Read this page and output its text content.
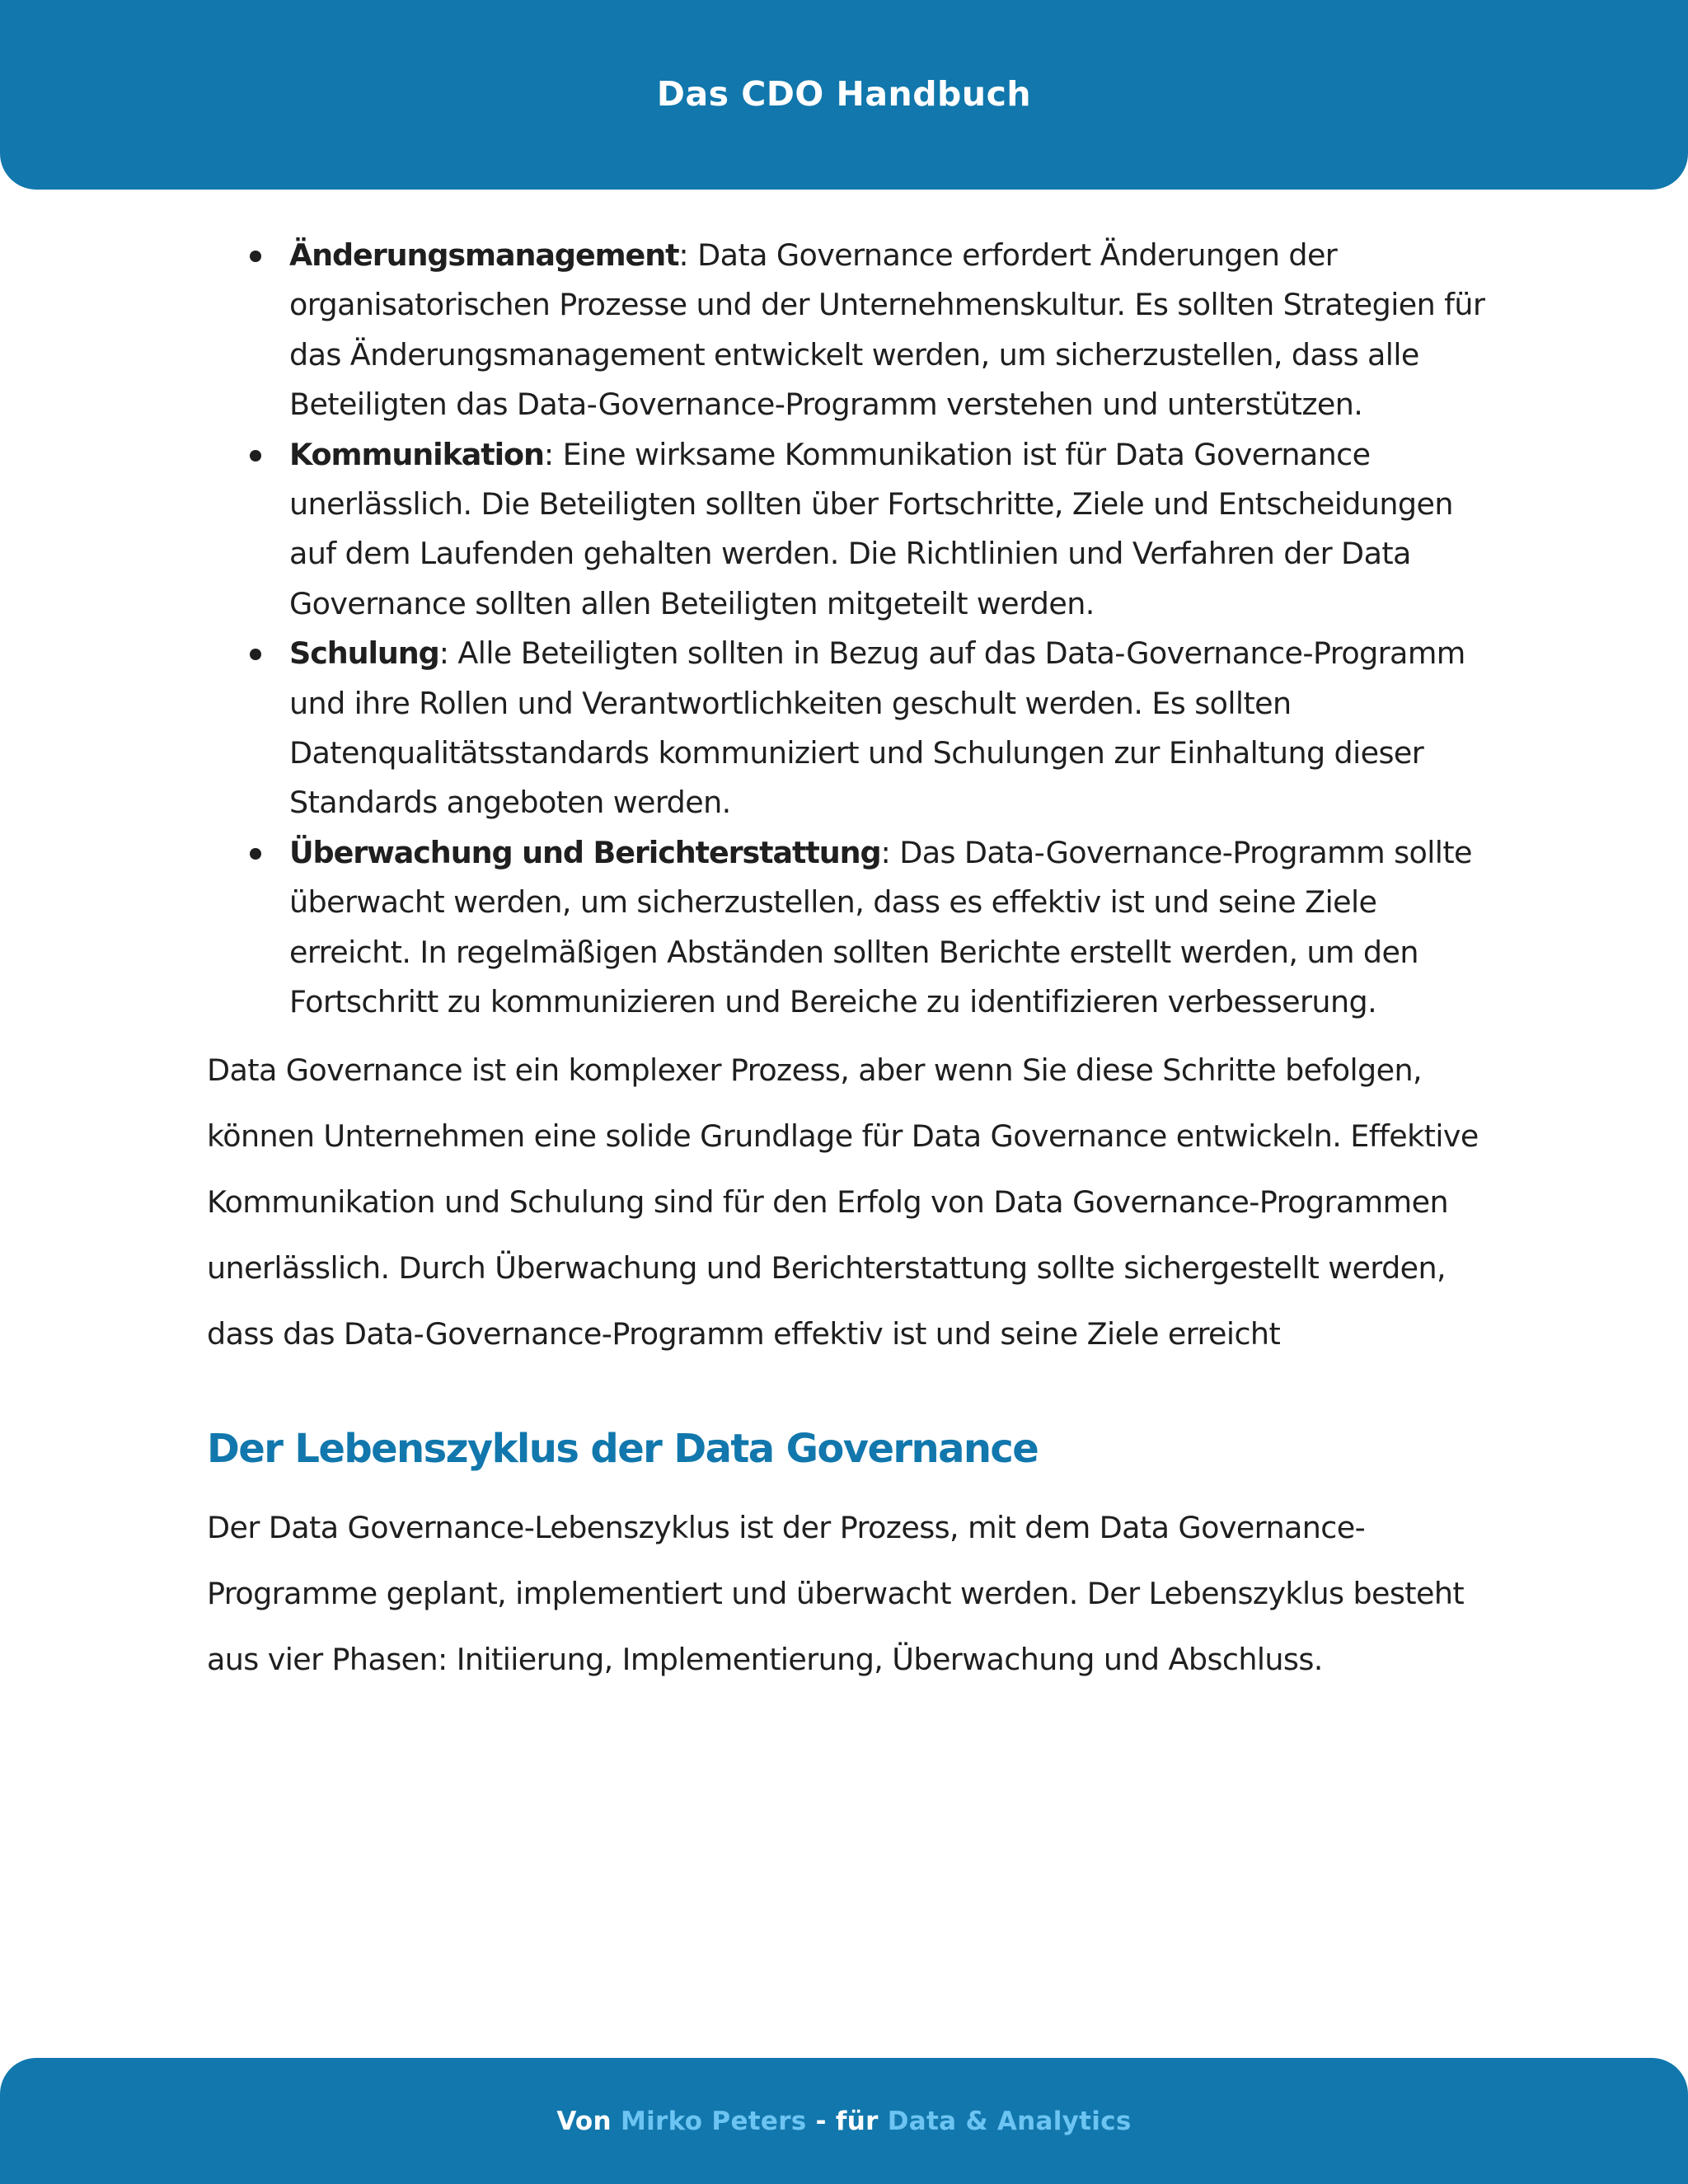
Das CDO Handbuch
Änderungsmanagement: Data Governance erfordert Änderungen der organisatorischen Prozesse und der Unternehmenskultur. Es sollten Strategien für das Änderungsmanagement entwickelt werden, um sicherzustellen, dass alle Beteiligten das Data-Governance-Programm verstehen und unterstützen.
Kommunikation: Eine wirksame Kommunikation ist für Data Governance unerlässlich. Die Beteiligten sollten über Fortschritte, Ziele und Entscheidungen auf dem Laufenden gehalten werden. Die Richtlinien und Verfahren der Data Governance sollten allen Beteiligten mitgeteilt werden.
Schulung: Alle Beteiligten sollten in Bezug auf das Data-Governance-Programm und ihre Rollen und Verantwortlichkeiten geschult werden. Es sollten Datenqualitätsstandards kommuniziert und Schulungen zur Einhaltung dieser Standards angeboten werden.
Überwachung und Berichterstattung: Das Data-Governance-Programm sollte überwacht werden, um sicherzustellen, dass es effektiv ist und seine Ziele erreicht. In regelmäßigen Abständen sollten Berichte erstellt werden, um den Fortschritt zu kommunizieren und Bereiche zu identifizieren verbesserung.

Data Governance ist ein komplexer Prozess, aber wenn Sie diese Schritte befolgen, können Unternehmen eine solide Grundlage für Data Governance entwickeln. Effektive Kommunikation und Schulung sind für den Erfolg von Data Governance-Programmen unerlässlich. Durch Überwachung und Berichterstattung sollte sichergestellt werden, dass das Data-Governance-Programm effektiv ist und seine Ziele erreicht

Der Lebenszyklus der Data Governance

Der Data Governance-Lebenszyklus ist der Prozess, mit dem Data Governance-Programme geplant, implementiert und überwacht werden. Der Lebenszyklus besteht aus vier Phasen: Initiierung, Implementierung, Überwachung und Abschluss.

Von Mirko Peters - für Data & Analytics
